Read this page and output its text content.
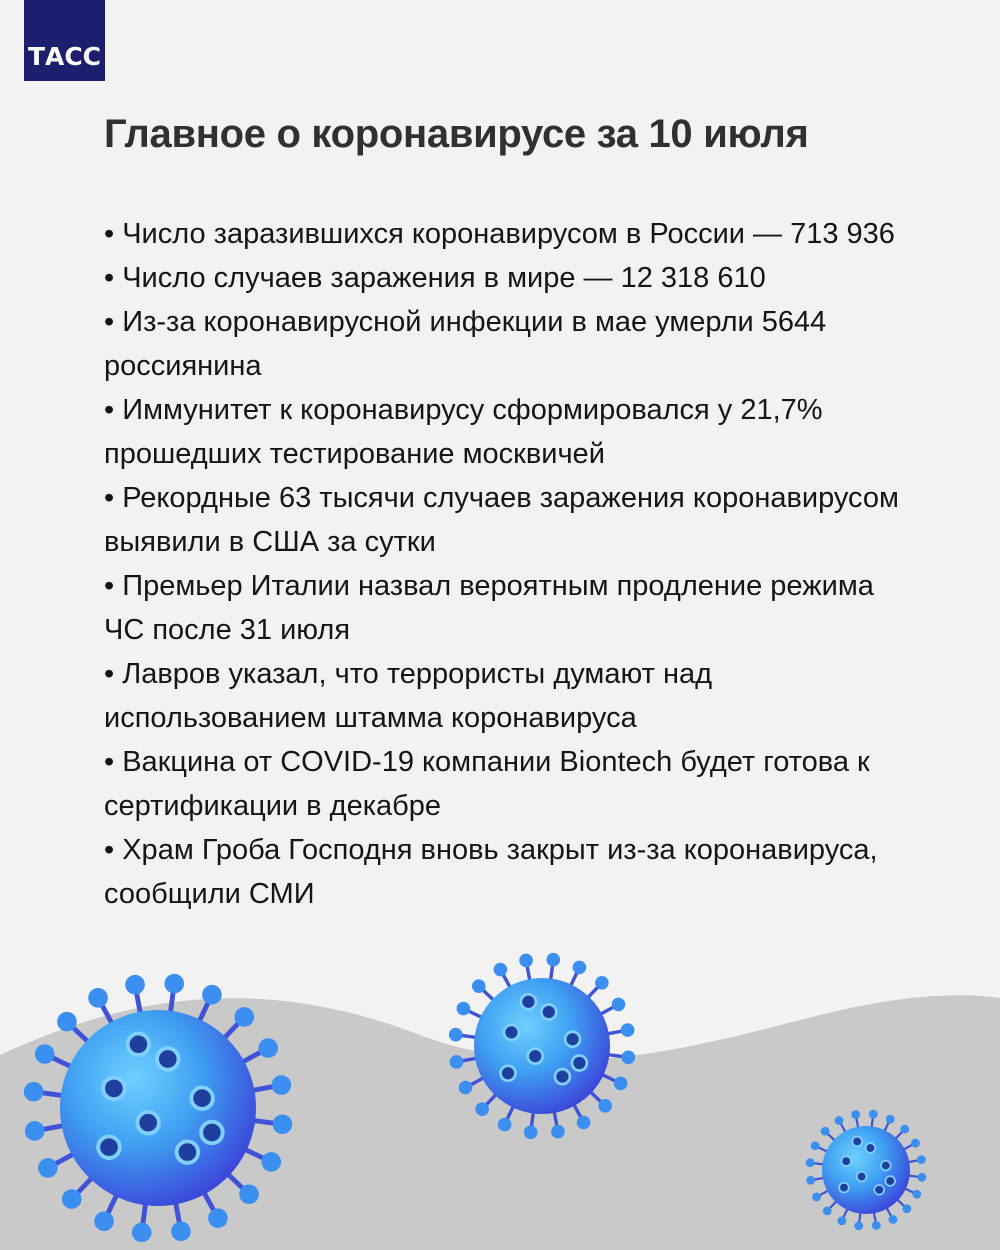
ТАСС
Главное о коронавирусе за 10 июля
• Число заразившихся коронавирусом в России — 713 936
• Число случаев заражения в мире — 12 318 610
• Из-за коронавирусной инфекции в мае умерли 5644 россиянина
• Иммунитет к коронавирусу сформировался у 21,7% прошедших тестирование москвичей
• Рекордные 63 тысячи случаев заражения коронавирусом выявили в США за сутки
• Премьер Италии назвал вероятным продление режима ЧС после 31 июля
• Лавров указал, что террористы думают над использованием штамма коронавируса
• Вакцина от COVID-19 компании Biontech будет готова к сертификации в декабре
• Храм Гроба Господня вновь закрыт из-за коронавируса, сообщили СМИ
